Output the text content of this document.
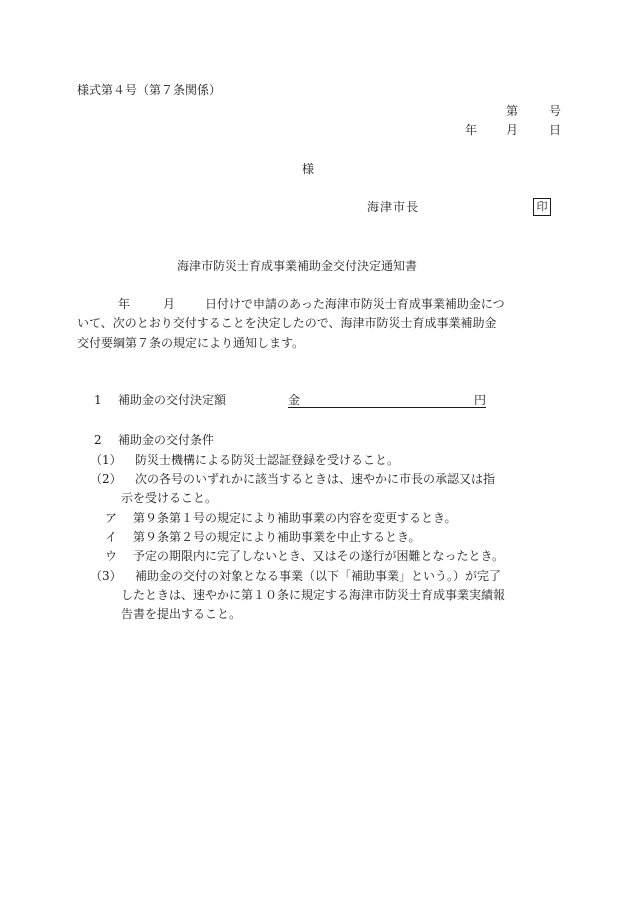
様式第４号（第７条関係）
第	号
年 月	日
様
海津市長	印
海津市防災士育成事業補助金交付決定通知書
年	月 日付けで申請のあった海津市防災士育成事業補助金につ
いて、次のとおり交付することを決定したので、海津市防災士育成事業補助金
交付要綱第７条の規定により通知します。
1 補助金の交付決定額	金	円
2 補助金の交付条件
（1） 防災士機構による防災士認証登録を受けること。
（2） 次の各号のいずれかに該当するときは、速やかに市長の承認又は指
示を受けること。
ア 第９条第１号の規定により補助事業の内容を変更するとき。
イ 第９条第２号の規定により補助事業を中止するとき。
ウ 予定の期限内に完了しないとき、又はその遂行が困難となったとき。
（3） 補助金の交付の対象となる事業（以下「補助事業」という。）が完了
したときは、速やかに第１０条に規定する海津市防災士育成事業実績報
告書を提出すること。
